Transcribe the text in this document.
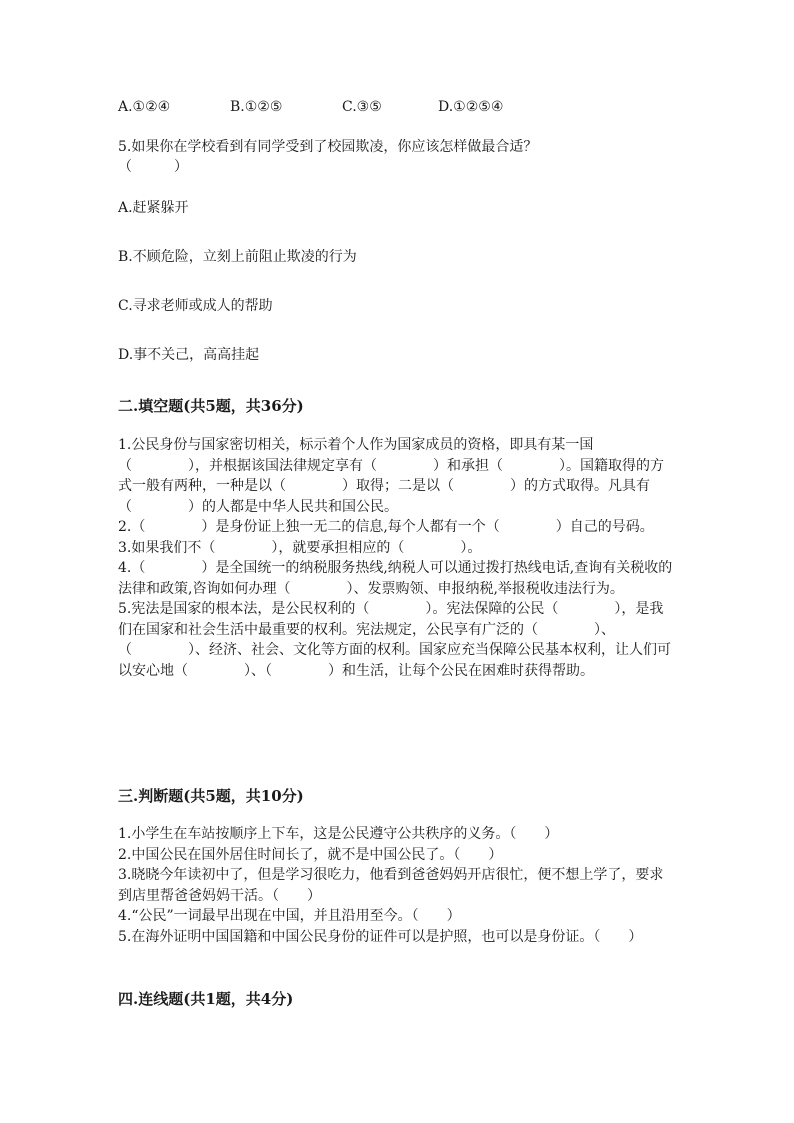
A.①②④	B.①②⑤	C.③⑤	D.①②⑤④
5.如果你在学校看到有同学受到了校园欺凌，你应该怎样做最合适？
（　　　）
A.赶紧躲开
B.不顾危险，立刻上前阻止欺凌的行为
C.寻求老师或成人的帮助
D.事不关己，高高挂起
二.填空题(共5题，共36分)

1.公民身份与国家密切相关，标示着个人作为国家成员的资格，即具有某一国（　　　　），并根据该国法律规定享有（　　　　）和承担（　　　　）。国籍取得的方式一般有两种，一种是以（　　　　）取得；二是以（　　　　）的方式取得。凡具有（　　　　）的人都是中华人民共和国公民。

2.（　　　　）是身份证上独一无二的信息,每个人都有一个（　　　　）自己的号码。

3.如果我们不（　　　　），就要承担相应的（　　　　）。

4.（　　　　）是全国统一的纳税服务热线,纳税人可以通过拨打热线电话,查询有关税收的法律和政策,咨询如何办理（　　　　）、发票购领、申报纳税,举报税收违法行为。

5.宪法是国家的根本法，是公民权利的（　　　　）。宪法保障的公民（　　　　），是我们在国家和社会生活中最重要的权利。宪法规定，公民享有广泛的（　　　　）、（　　　　）、经济、社会、文化等方面的权利。国家应充当保障公民基本权利，让人们可以安心地（　　　　）、（　　　　）和生活，让每个公民在困难时获得帮助。

三.判断题(共5题，共10分)

1.小学生在车站按顺序上下车，这是公民遵守公共秩序的义务。（　　）

2.中国公民在国外居住时间长了，就不是中国公民了。（　　）

3.晓晓今年读初中了，但是学习很吃力，他看到爸爸妈妈开店很忙，便不想上学了，要求到店里帮爸爸妈妈干活。（　　）

4.“公民”一词最早出现在中国，并且沿用至今。（　　）

5.在海外证明中国国籍和中国公民身份的证件可以是护照，也可以是身份证。（　　）

四.连线题(共1题，共4分)
